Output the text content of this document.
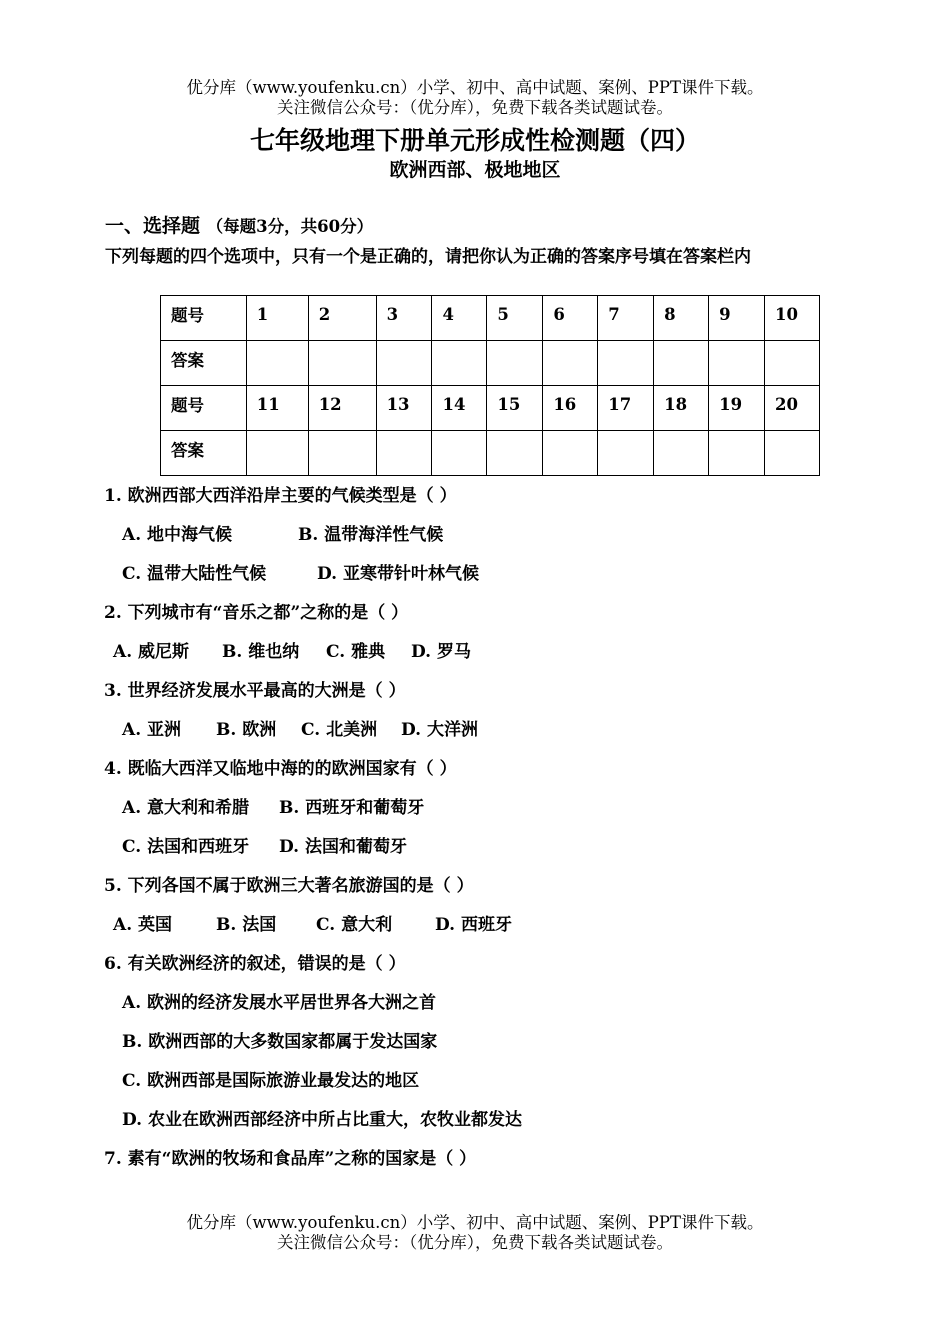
优分库（www.youfenku.cn）小学、初中、高中试题、案例、PPT课件下载。
关注微信公众号：（优分库），免费下载各类试题试卷。
七年级地理下册单元形成性检测题（四）
欧洲西部、极地地区
一、选择题 （每题3分，共60分）
下列每题的四个选项中，只有一个是正确的，请把你认为正确的答案序号填在答案栏内
题号	1	2	3	4	5	6	7	8	9	10
答案										
题号	11	12	13	14	15	16	17	18	19	20
答案										
1. 欧洲西部大西洋沿岸主要的气候类型是（ ）
A. 地中海气候	B. 温带海洋性气候
C. 温带大陆性气候	D. 亚寒带针叶林气候
2. 下列城市有“音乐之都”之称的是（ ）
A. 威尼斯 B. 维也纳 C. 雅典 D. 罗马
3. 世界经济发展水平最高的大洲是（ ）
A. 亚洲 B. 欧洲 C. 北美洲 D. 大洋洲
4. 既临大西洋又临地中海的的欧洲国家有（ ）
A. 意大利和希腊 B. 西班牙和葡萄牙
C. 法国和西班牙 D. 法国和葡萄牙
5. 下列各国不属于欧洲三大著名旅游国的是（ ）
A. 英国	B. 法国 C. 意大利	D. 西班牙
6. 有关欧洲经济的叙述，错误的是（ ）
A. 欧洲的经济发展水平居世界各大洲之首
B. 欧洲西部的大多数国家都属于发达国家
C. 欧洲西部是国际旅游业最发达的地区
D. 农业在欧洲西部经济中所占比重大，农牧业都发达
7. 素有“欧洲的牧场和食品库”之称的国家是（ ）
优分库（www.youfenku.cn）小学、初中、高中试题、案例、PPT课件下载。
关注微信公众号：（优分库），免费下载各类试题试卷。
